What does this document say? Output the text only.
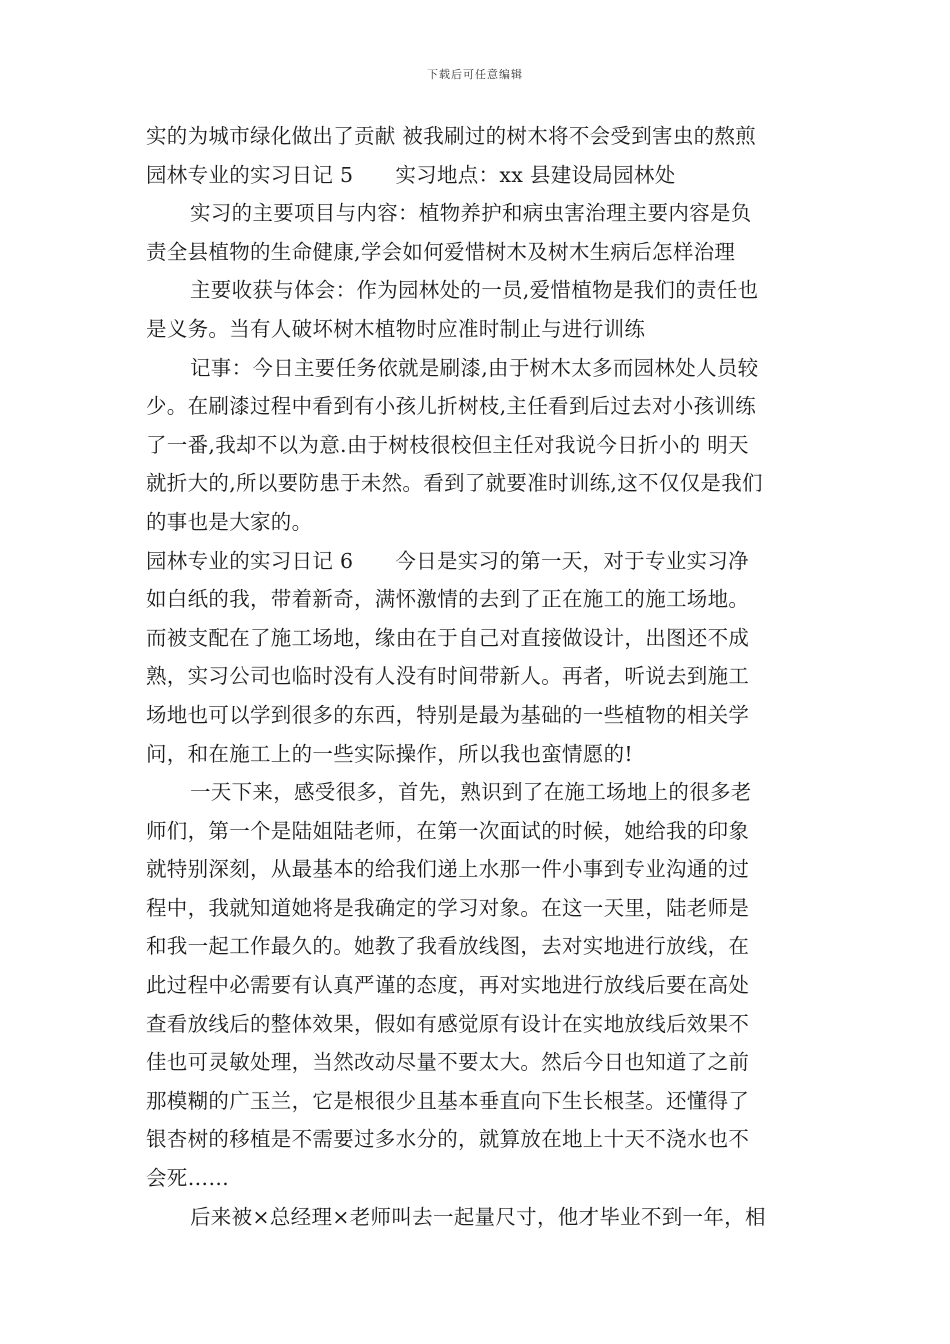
下载后可任意编辑
实的为城市绿化做出了贡献 被我刷过的树木将不会受到害虫的熬煎
园林专业的实习日记 5 实习地点：xx 县建设局园林处
实习的主要项目与内容：植物养护和病虫害治理主要内容是负
责全县植物的生命健康,学会如何爱惜树木及树木生病后怎样治理
主要收获与体会：作为园林处的一员,爱惜植物是我们的责任也
是义务。当有人破坏树木植物时应准时制止与进行训练
记事：今日主要任务依就是刷漆,由于树木太多而园林处人员较
少。在刷漆过程中看到有小孩儿折树枝,主任看到后过去对小孩训练
了一番,我却不以为意.由于树枝很校但主任对我说今日折小的 明天
就折大的,所以要防患于未然。看到了就要准时训练,这不仅仅是我们
的事也是大家的。
园林专业的实习日记 6 今日是实习的第一天，对于专业实习净
如白纸的我，带着新奇，满怀激情的去到了正在施工的施工场地。
而被支配在了施工场地，缘由在于自己对直接做设计，出图还不成
熟，实习公司也临时没有人没有时间带新人。再者，听说去到施工
场地也可以学到很多的东西，特别是最为基础的一些植物的相关学
问，和在施工上的一些实际操作，所以我也蛮情愿的!
一天下来，感受很多，首先，熟识到了在施工场地上的很多老
师们，第一个是陆姐陆老师，在第一次面试的时候，她给我的印象
就特别深刻，从最基本的给我们递上水那一件小事到专业沟通的过
程中，我就知道她将是我确定的学习对象。在这一天里，陆老师是
和我一起工作最久的。她教了我看放线图，去对实地进行放线，在
此过程中必需要有认真严谨的态度，再对实地进行放线后要在高处
查看放线后的整体效果，假如有感觉原有设计在实地放线后效果不
佳也可灵敏处理，当然改动尽量不要太大。然后今日也知道了之前
那模糊的广玉兰，它是根很少且基本垂直向下生长根茎。还懂得了
银杏树的移植是不需要过多水分的，就算放在地上十天不浇水也不
会死……
后来被×总经理×老师叫去一起量尺寸，他才毕业不到一年，相
